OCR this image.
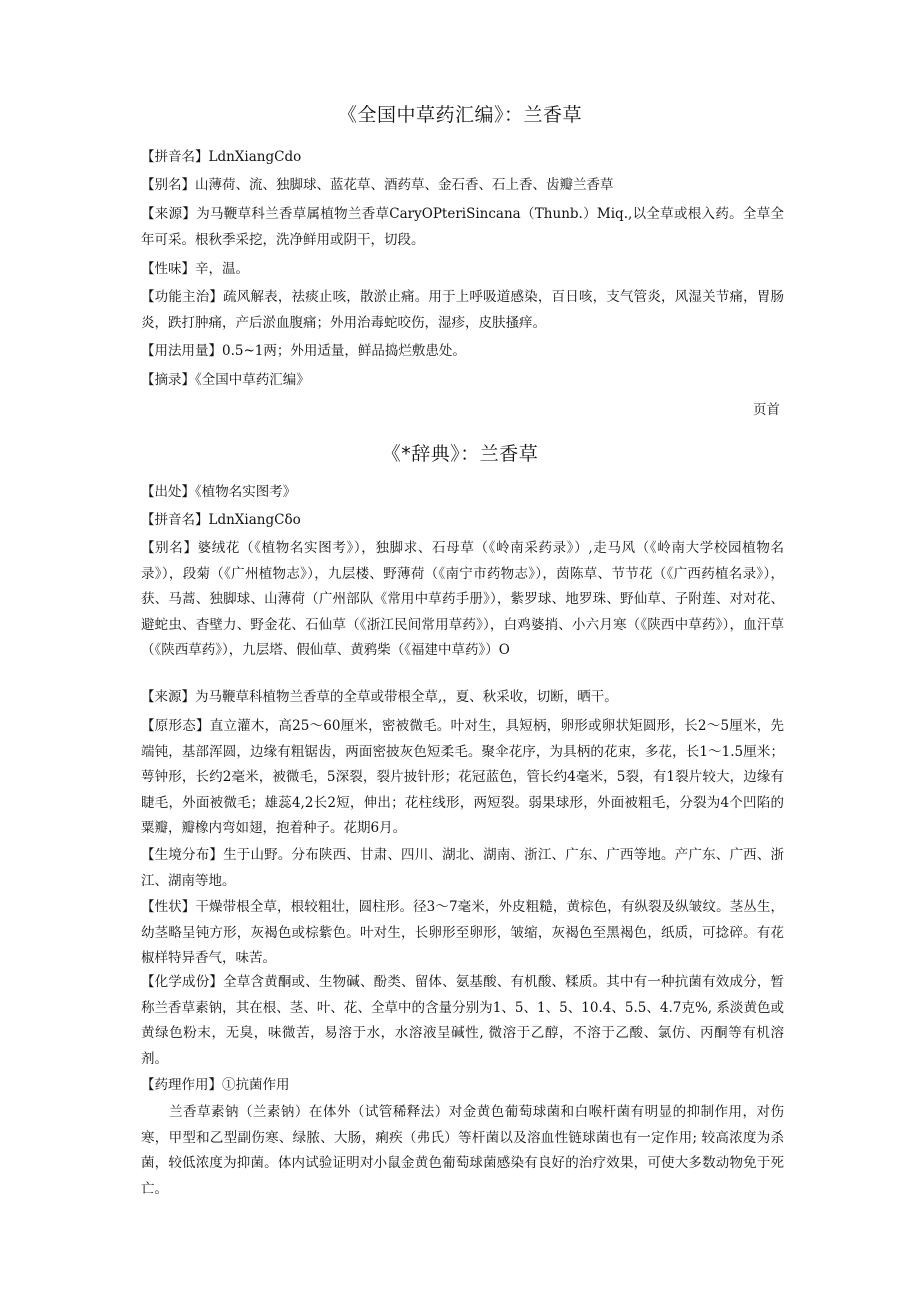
《全国中草药汇编》：兰香草
【拼音名】LdnXiangCdo
【别名】山薄荷、流、独脚球、蓝花草、酒药草、金石香、石上香、齿瓣兰香草
【来源】为马鞭草科兰香草属植物兰香草CaryOPteriSincana（Thunb.）Miq.,以全草或根入药。全草全年可采。根秋季采挖，洗净鲜用或阴干，切段。
【性味】辛，温。
【功能主治】疏风解表，祛痰止咳，散淤止痛。用于上呼吸道感染，百日咳，支气管炎，风湿关节痛，胃肠炎，跌打肿痛，产后淤血腹痛；外用治毒蛇咬伤，湿疹，皮肤搔痒。
【用法用量】0.5~1两；外用适量，鲜品捣烂敷患处。
【摘录】《全国中草药汇编》
页首
《*辞典》：兰香草
【出处】《植物名实图考》
【拼音名】LdnXiangCδo
【别名】婆绒花（《植物名实图考》），独脚求、石母草（《岭南采药录》）,走马风（《岭南大学校园植物名录》），段菊（《广州植物志》），九层楼、野薄荷（《南宁市药物志》），茵陈草、节节花（《广西药植名录》），获、马蒿、独脚球、山薄荷（广州部队《常用中草药手册》），紫罗球、地罗珠、野仙草、子附莲、对对花、避蛇虫、杳壁力、野金花、石仙草（《浙江民间常用草药》），白鸡婆捎、小六月寒（《陕西中草药》），血汗草（《陕西草药》），九层塔、假仙草、黄鸦柴（《福建中草药》）O
【来源】为马鞭草科植物兰香草的全草或带根全草,，夏、秋采收，切断，晒干。
【原形态】直立灌木，高25〜60厘米，密被微毛。叶对生，具短柄，卵形或卵状矩圆形，长2〜5厘米，先端钝，基部浑圆，边缘有粗锯齿，两面密披灰色短柔毛。聚伞花序，为具柄的花束，多花，长1〜1.5厘米；萼钟形，长约2毫米，被微毛，5深裂，裂片披针形；花冠蓝色，管长约4毫米，5裂，有1裂片较大，边缘有睫毛，外面被微毛；雄蕊4,2长2短，伸出；花柱线形，两短裂。弱果球形，外面被粗毛，分裂为4个凹陷的粟瓣，瓣橡内弯如翅，抱着种子。花期6月。
【生境分布】生于山野。分布陕西、甘肃、四川、湖北、湖南、浙江、广东、广西等地。产广东、广西、浙江、湖南等地。
【性状】干燥带根全草，根较粗壮，圆柱形。径3〜7毫米，外皮粗糙，黄棕色，有纵裂及纵皱纹。茎丛生，幼茎略呈钝方形，灰褐色或棕紫色。叶对生，长卵形至卵形，皱缩，灰褐色至黑褐色，纸质，可捻碎。有花椒样特异香气，味苦。
【化学成份】全草含黄酮或、生物碱、酚类、留体、氨基酸、有机酸、糅质。其中有一种抗菌有效成分，暂称兰香草素钠，其在根、茎、叶、花、全草中的含量分别为1、5、1、5、10.4、5.5、4.7克%, 系淡黄色或黄绿色粉末，无臭，味微苦，易溶于水，水溶液呈碱性, 微溶于乙醇，不溶于乙酸、氯仿、丙酮等有机溶剂。
【药理作用】①抗菌作用
兰香草素钠（兰素钠）在体外（试管稀释法）对金黄色葡萄球菌和白喉杆菌有明显的抑制作用，对伤寒，甲型和乙型副伤寒、绿脓、大肠，痢疾（弗氏）等杆菌以及溶血性链球菌也有一定作用; 较高浓度为杀菌，较低浓度为抑菌。体内试验证明对小鼠金黄色葡萄球菌感染有良好的治疗效果，可使大多数动物免于死亡。
